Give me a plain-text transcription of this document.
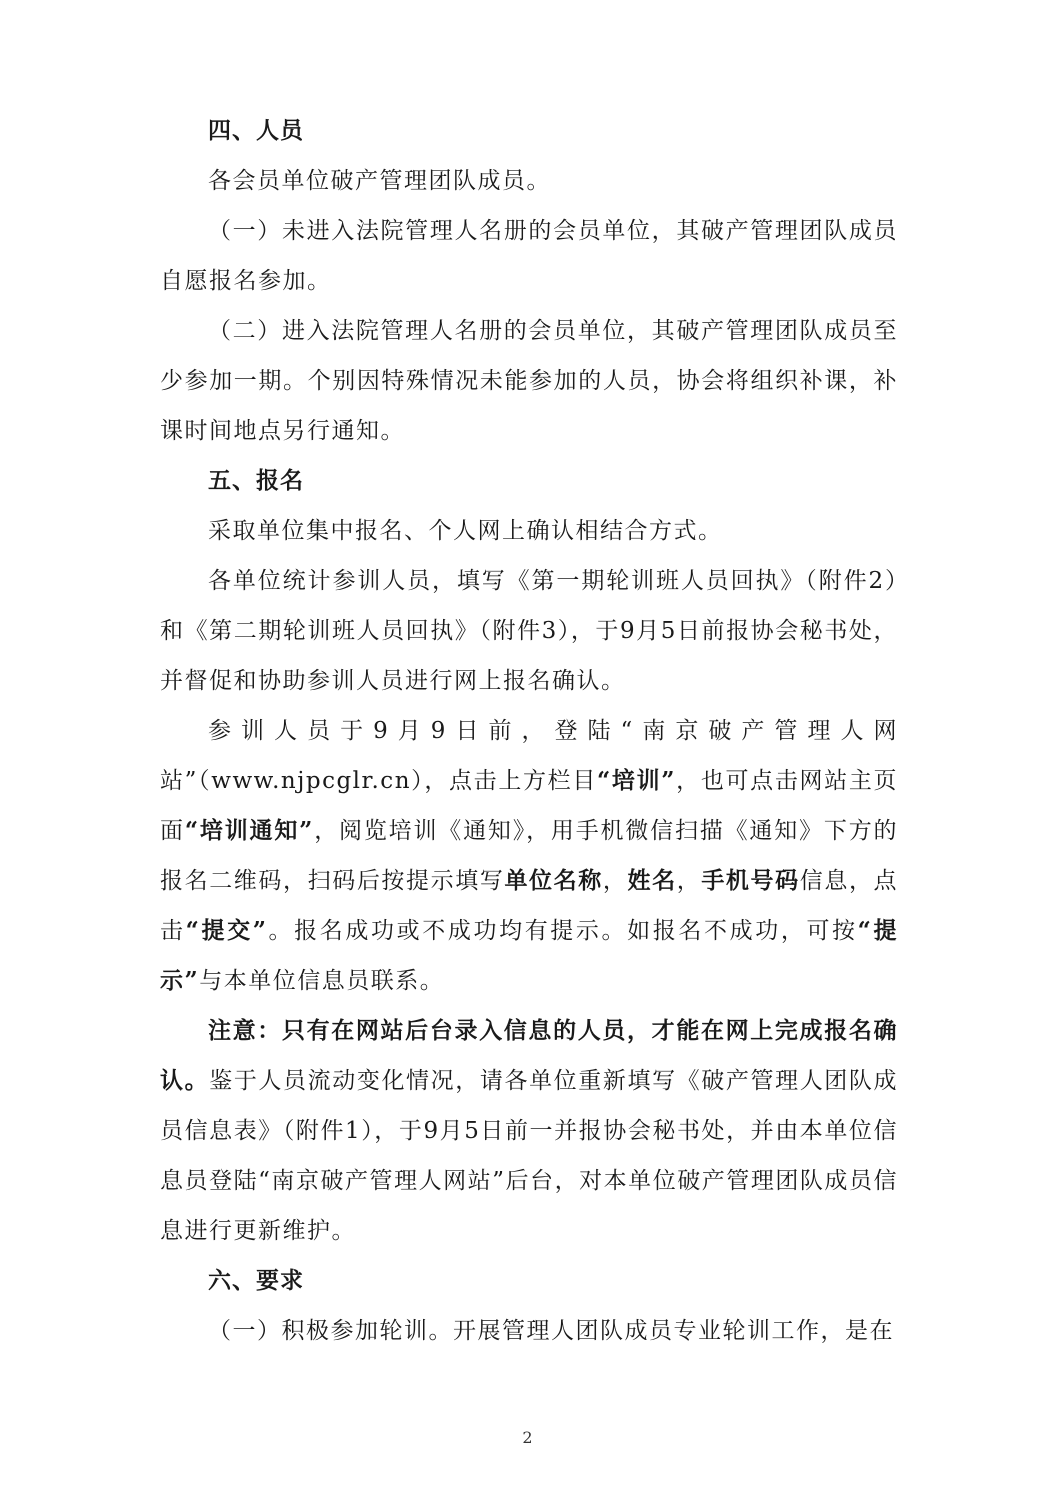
四、人员

各会员单位破产管理团队成员。

（一）未进入法院管理人名册的会员单位，其破产管理团队成员自愿报名参加。

（二）进入法院管理人名册的会员单位，其破产管理团队成员至少参加一期。个别因特殊情况未能参加的人员，协会将组织补课，补课时间地点另行通知。

五、报名

采取单位集中报名、个人网上确认相结合方式。

各单位统计参训人员，填写《第一期轮训班人员回执》（附件2）和《第二期轮训班人员回执》（附件3），于9月5日前报协会秘书处，并督促和协助参训人员进行网上报名确认。

参训人员于9月9日前，登陆“南京破产管理人网站”（www.njpcglr.cn），点击上方栏目“培训”，也可点击网站主页面“培训通知”，阅览培训《通知》，用手机微信扫描《通知》下方的报名二维码，扫码后按提示填写单位名称，姓名，手机号码信息，点击“提交”。报名成功或不成功均有提示。如报名不成功，可按“提示”与本单位信息员联系。

注意：只有在网站后台录入信息的人员，才能在网上完成报名确认。鉴于人员流动变化情况，请各单位重新填写《破产管理人团队成员信息表》（附件1），于9月5日前一并报协会秘书处，并由本单位信息员登陆“南京破产管理人网站”后台，对本单位破产管理团队成员信息进行更新维护。

六、要求

（一）积极参加轮训。开展管理人团队成员专业轮训工作，是在

2
